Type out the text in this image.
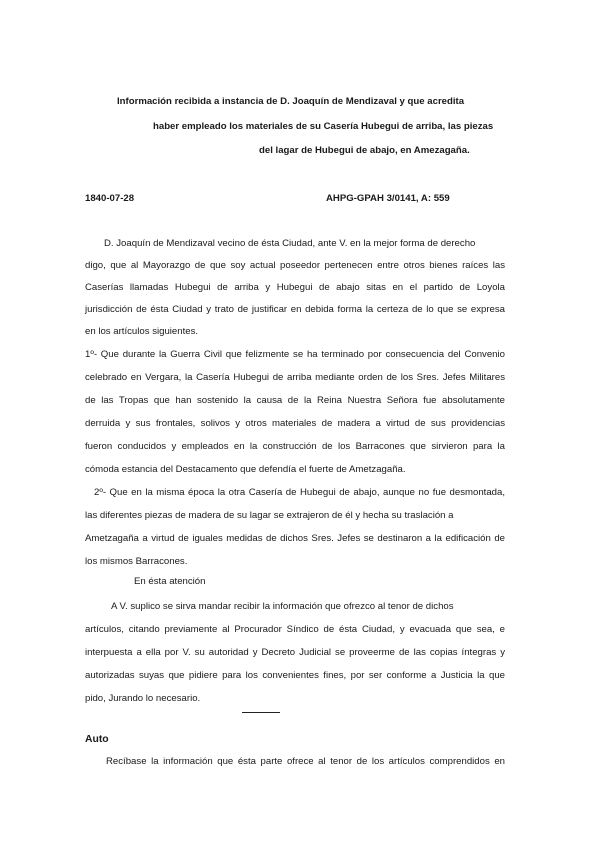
Información recibida a instancia de D. Joaquín de Mendizaval y que acredita
haber empleado los materiales de su Casería Hubegui de arriba, las piezas
del lagar de Hubegui de abajo, en Amezagaña.
1840-07-28	AHPG-GPAH 3/0141, A: 559
D. Joaquín de Mendizaval vecino de ésta Ciudad, ante V. en la mejor forma de derecho
digo, que al Mayorazgo de que soy actual poseedor pertenecen entre otros bienes raíces las
Caserías llamadas Hubegui de arriba y Hubegui de abajo sitas en el partido de Loyola
jurisdicción de ésta Ciudad y trato de justificar en debida forma la certeza de lo que se expresa
en los artículos siguientes.
1º- Que durante la Guerra Civil que felizmente se ha terminado por consecuencia del Convenio
celebrado en Vergara, la Casería Hubegui de arriba mediante orden de los Sres. Jefes Militares
de las Tropas que han sostenido la causa de la Reina Nuestra Señora fue absolutamente
derruida y sus frontales, solivos y otros materiales de madera a virtud de sus providencias
fueron conducidos y empleados en la construcción de los Barracones que sirvieron para la
cómoda estancia del Destacamento que defendía el fuerte de Ametzagaña.
2º- Que en la misma época la otra Casería de Hubegui de abajo, aunque no fue desmontada,
las diferentes piezas de madera de su lagar se extrajeron de él y hecha su traslación a
Ametzagaña a virtud de iguales medidas de dichos Sres. Jefes se destinaron a la edificación de
los mismos Barracones.
En ésta atención
A V. suplico se sirva mandar recibir la información que ofrezco al tenor de dichos
artículos, citando previamente al Procurador Síndico de ésta Ciudad, y evacuada que sea, e
interpuesta a ella por V. su autoridad y Decreto Judicial se proveerme de las copias íntegras y
autorizadas suyas que pidiere para los convenientes fines, por ser conforme a Justicia la que
pido, Jurando lo necesario.
Auto
Recíbase la información que ésta parte ofrece al tenor de los artículos comprendidos en
